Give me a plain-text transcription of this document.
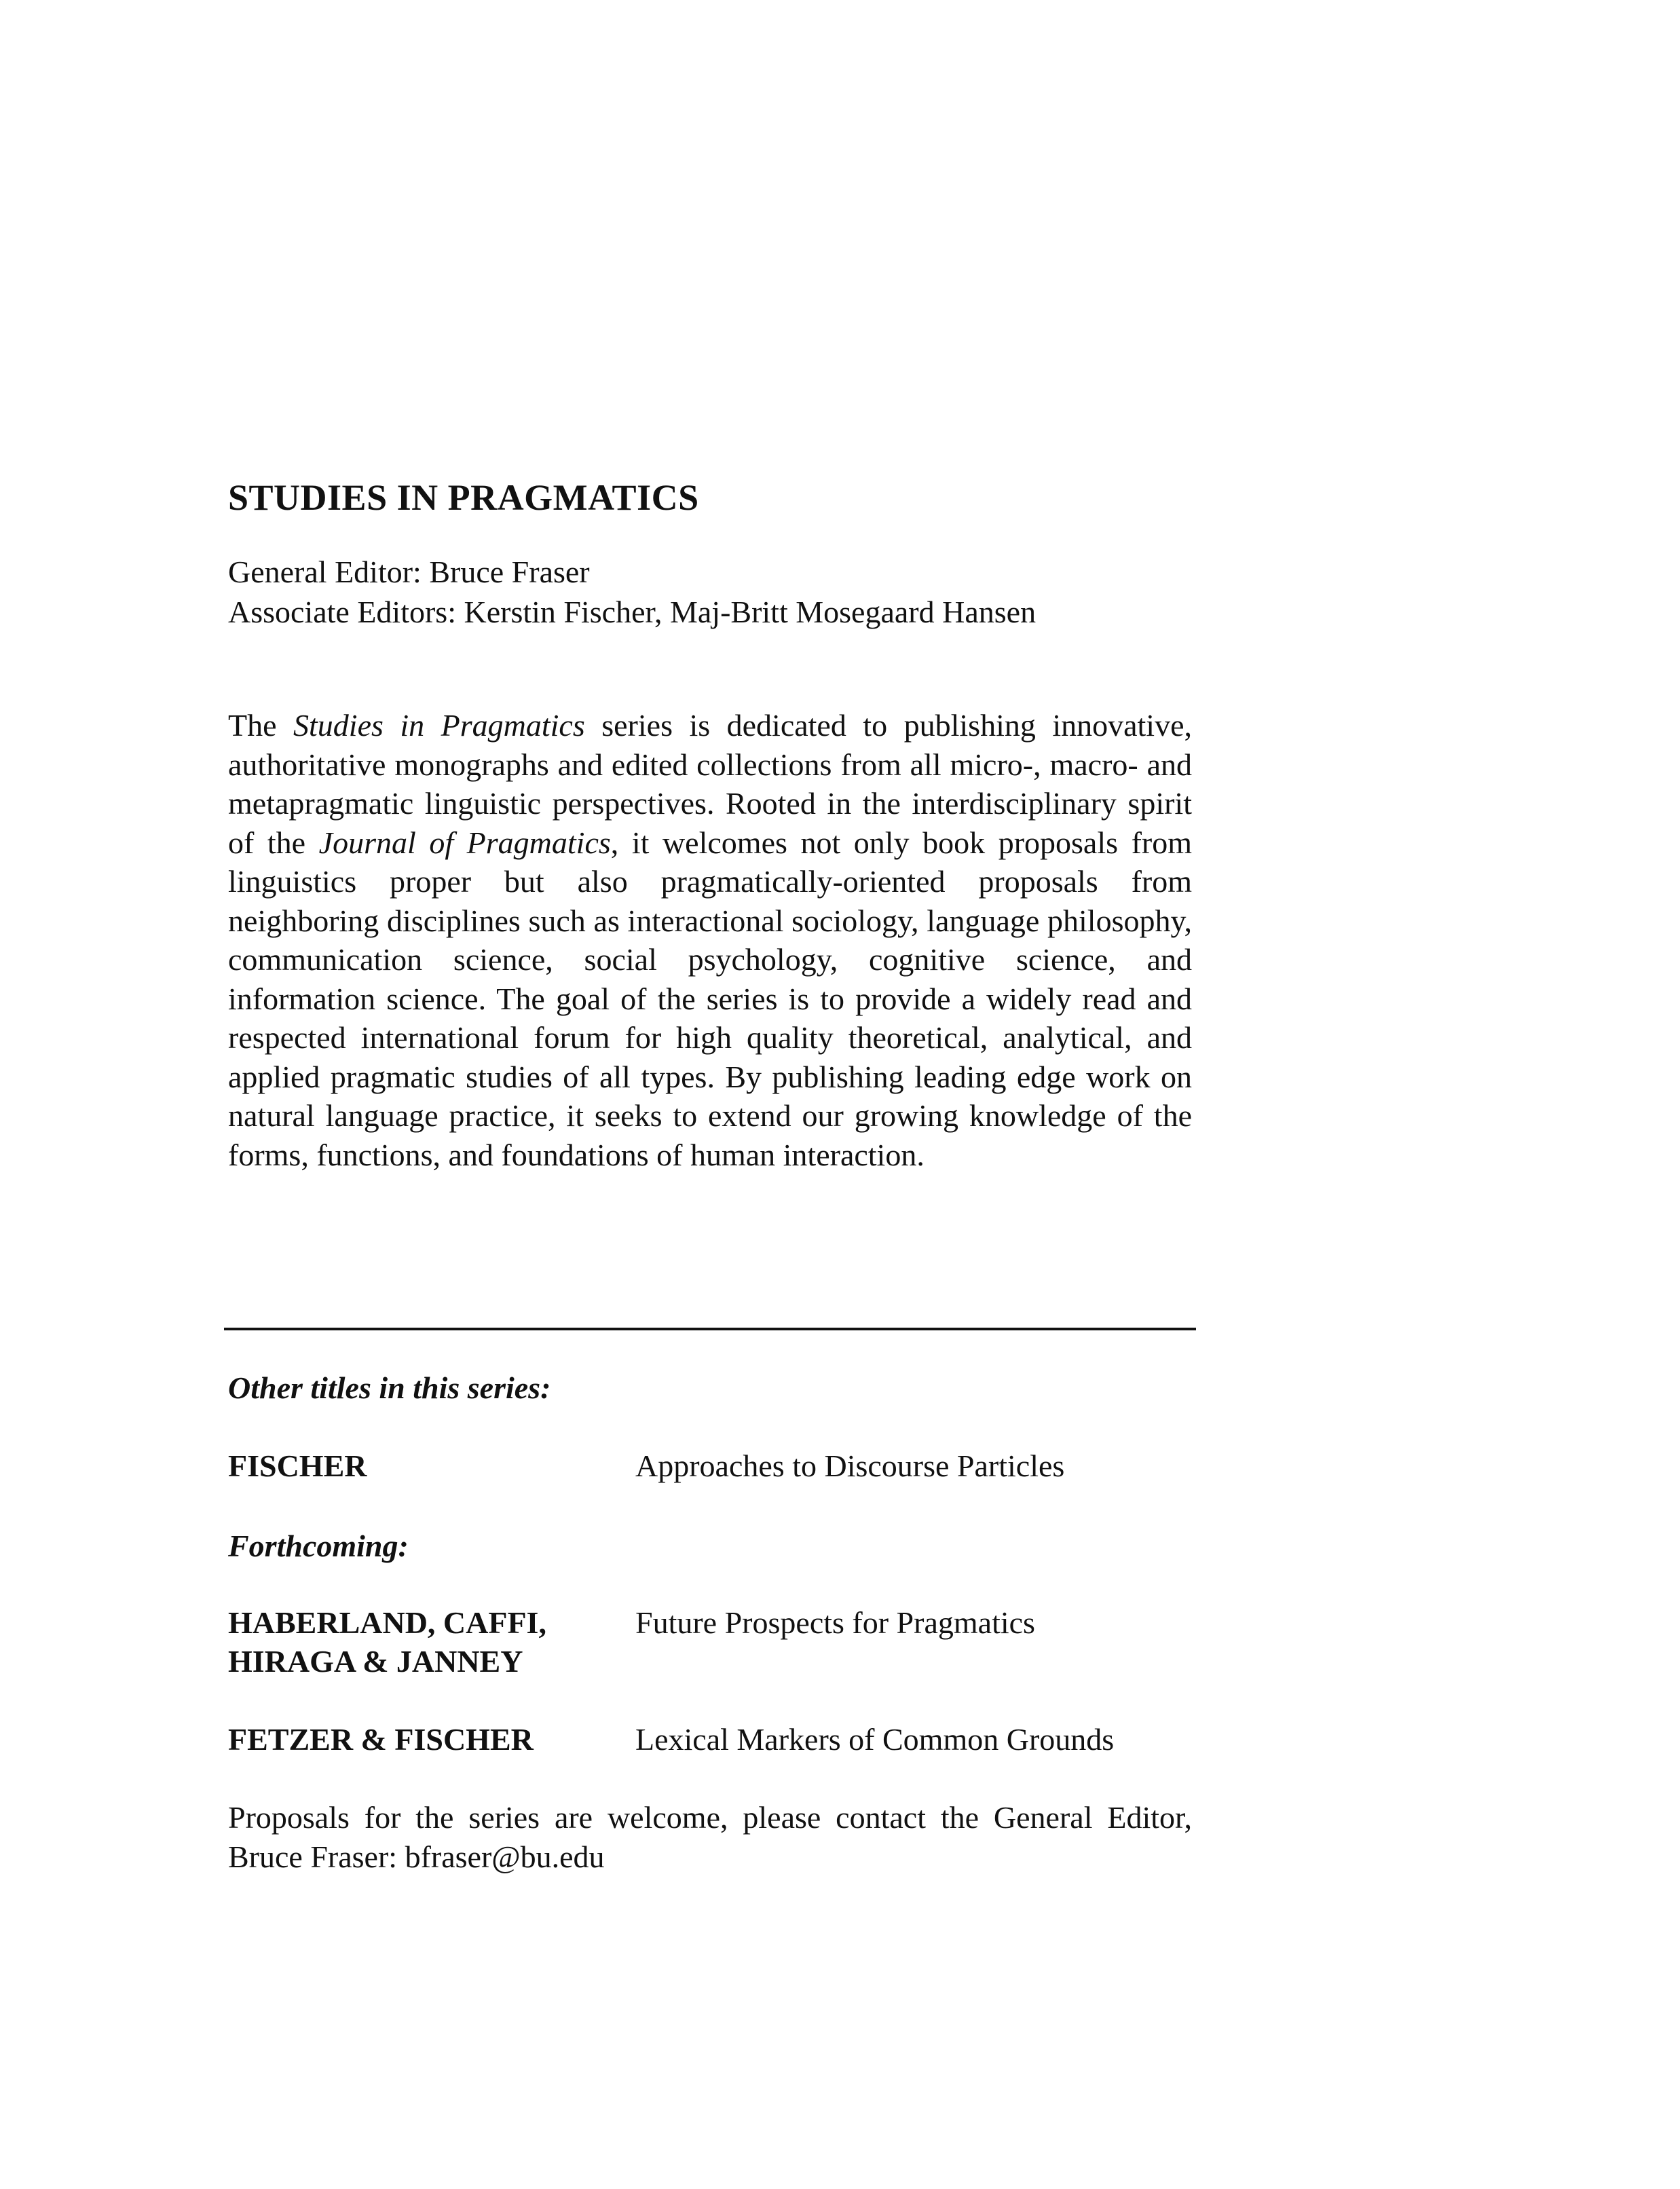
STUDIES IN PRAGMATICS
General Editor: Bruce Fraser
Associate Editors: Kerstin Fischer, Maj-Britt Mosegaard Hansen

The Studies in Pragmatics series is dedicated to publishing innovative, authoritative monographs and edited collections from all micro-, macro- and metapragmatic linguistic perspectives. Rooted in the interdisciplinary spirit of the Journal of Pragmatics, it welcomes not only book proposals from linguistics proper but also pragmatically-oriented proposals from neighboring disciplines such as interactional sociology, language philosophy, communication science, social psychology, cognitive science, and information science. The goal of the series is to provide a widely read and respected international forum for high quality theoretical, analytical, and applied pragmatic studies of all types. By publishing leading edge work on natural language practice, it seeks to extend our growing knowledge of the forms, functions, and foundations of human interaction.

Other titles in this series:
FISCHER	Approaches to Discourse Particles
Forthcoming:
HABERLAND, CAFFI,
HIRAGA & JANNEY
Future Prospects for Pragmatics
FETZER & FISCHER	Lexical Markers of Common Grounds

Proposals for the series are welcome, please contact the General Editor, Bruce Fraser: bfraser@bu.edu
